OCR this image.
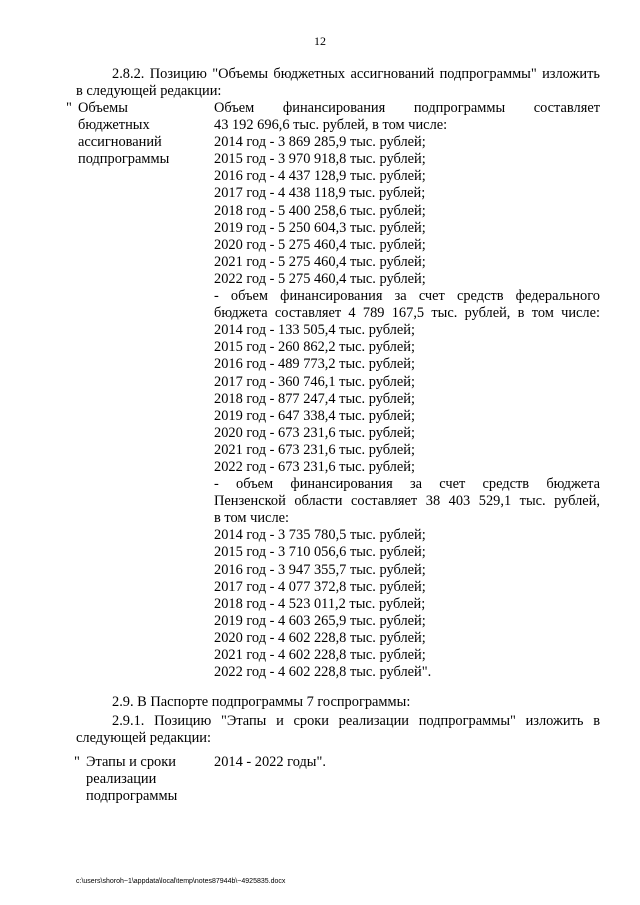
12
2.8.2. Позицию "Объемы бюджетных ассигнований подпрограммы" изложить
в следующей редакции:
" Объемы
бюджетных
ассигнований
подпрограммы
Объем финансирования подпрограммы составляет
43 192 696,6 тыс. рублей, в том числе:
2014 год - 3 869 285,9 тыс. рублей;
2015 год - 3 970 918,8 тыс. рублей;
2016 год - 4 437 128,9 тыс. рублей;
2017 год - 4 438 118,9 тыс. рублей;
2018 год - 5 400 258,6 тыс. рублей;
2019 год - 5 250 604,3 тыс. рублей;
2020 год - 5 275 460,4 тыс. рублей;
2021 год - 5 275 460,4 тыс. рублей;
2022 год - 5 275 460,4 тыс. рублей;
- объем финансирования за счет средств федерального
бюджета составляет 4 789 167,5 тыс. рублей, в том числе:
2014 год - 133 505,4 тыс. рублей;
2015 год - 260 862,2 тыс. рублей;
2016 год - 489 773,2 тыс. рублей;
2017 год - 360 746,1 тыс. рублей;
2018 год - 877 247,4 тыс. рублей;
2019 год - 647 338,4 тыс. рублей;
2020 год - 673 231,6 тыс. рублей;
2021 год - 673 231,6 тыс. рублей;
2022 год - 673 231,6 тыс. рублей;
- объем финансирования за счет средств бюджета
Пензенской области составляет 38 403 529,1 тыс. рублей,
в том числе:
2014 год - 3 735 780,5 тыс. рублей;
2015 год - 3 710 056,6 тыс. рублей;
2016 год - 3 947 355,7 тыс. рублей;
2017 год - 4 077 372,8 тыс. рублей;
2018 год - 4 523 011,2 тыс. рублей;
2019 год - 4 603 265,9 тыс. рублей;
2020 год - 4 602 228,8 тыс. рублей;
2021 год - 4 602 228,8 тыс. рублей;
2022 год - 4 602 228,8 тыс. рублей".
2.9. В Паспорте подпрограммы 7 госпрограммы:
2.9.1. Позицию "Этапы и сроки реализации подпрограммы" изложить в
следующей редакции:
" Этапы и сроки
реализации
подпрограммы
2014 - 2022 годы".
c:\users\shoroh~1\appdata\local\temp\notes87944b\~4925835.docx
